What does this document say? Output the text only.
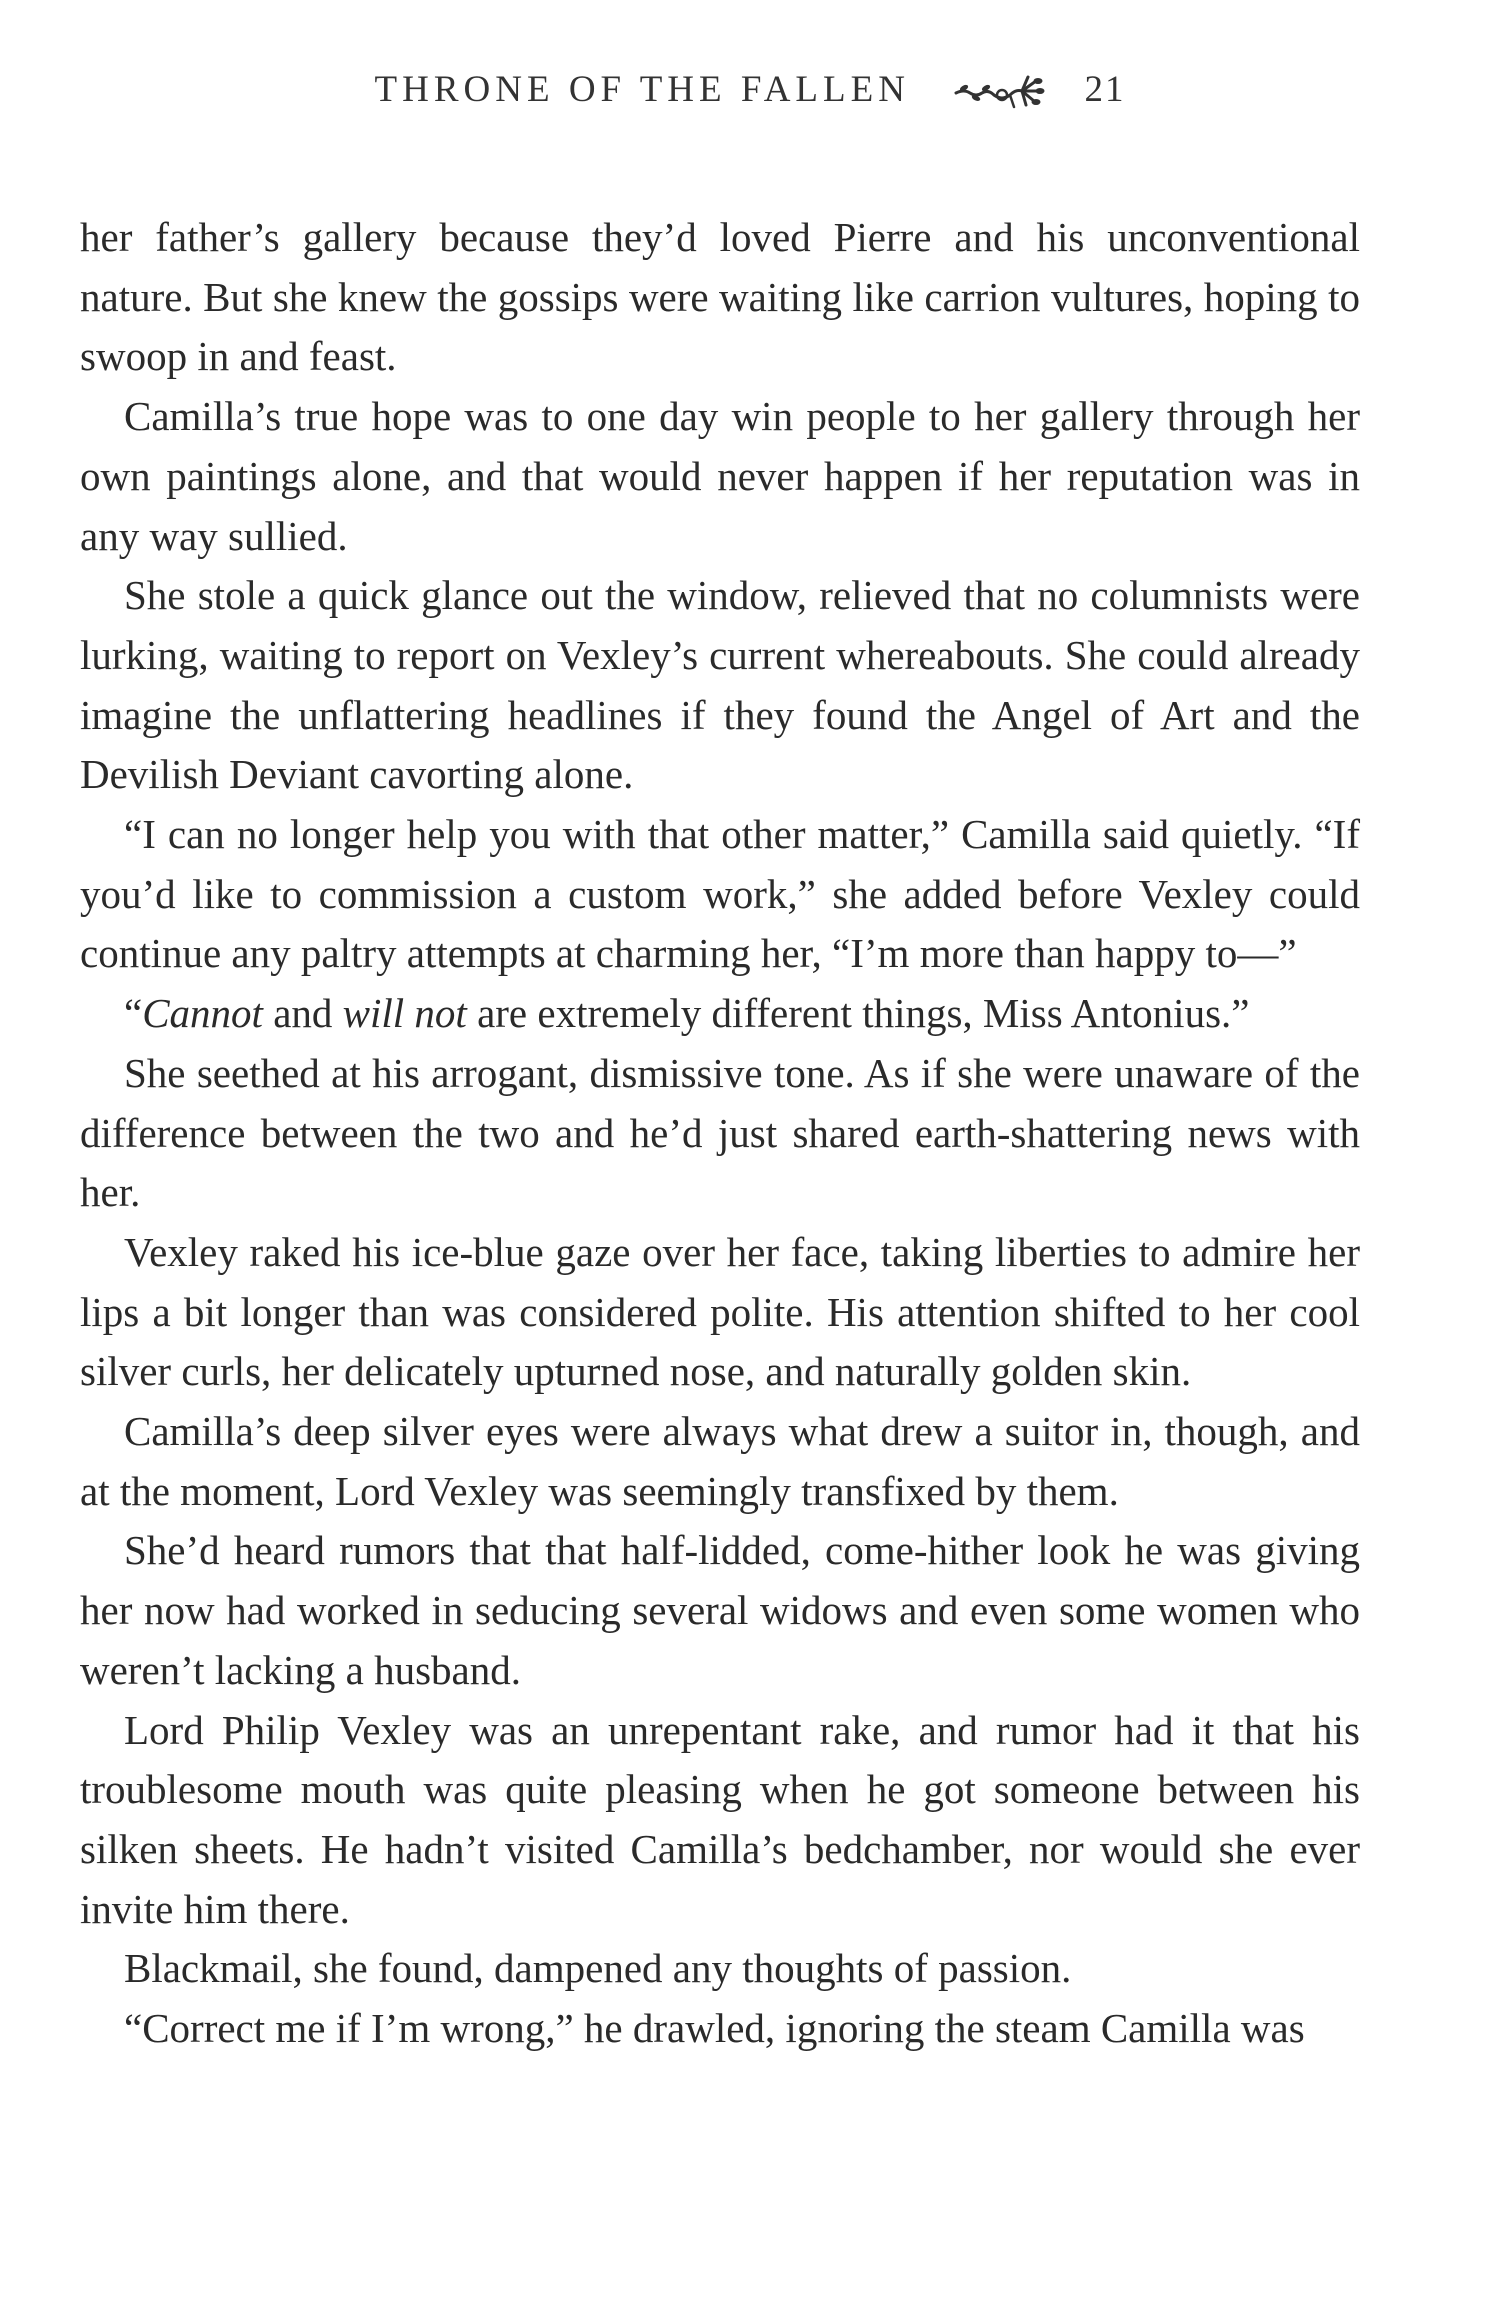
THRONE OF THE FALLEN	21

her father’s gallery because they’d loved Pierre and his unconventional nature. But she knew the gossips were waiting like carrion vultures, hoping to swoop in and feast.

Camilla’s true hope was to one day win people to her gallery through her own paintings alone, and that would never happen if her reputation was in any way sullied.

She stole a quick glance out the window, relieved that no columnists were lurking, waiting to report on Vexley’s current whereabouts. She could already imagine the unflattering headlines if they found the Angel of Art and the Devilish Deviant cavorting alone.

“I can no longer help you with that other matter,” Camilla said quietly. “If you’d like to commission a custom work,” she added before Vexley could continue any paltry attempts at charming her, “I’m more than happy to—”

“Cannot and will not are extremely different things, Miss Antonius.”

She seethed at his arrogant, dismissive tone. As if she were unaware of the difference between the two and he’d just shared earth-shattering news with her.

Vexley raked his ice-blue gaze over her face, taking liberties to admire her lips a bit longer than was considered polite. His attention shifted to her cool silver curls, her delicately upturned nose, and naturally golden skin.

Camilla’s deep silver eyes were always what drew a suitor in, though, and at the moment, Lord Vexley was seemingly transfixed by them.

She’d heard rumors that that half-lidded, come-hither look he was giving her now had worked in seducing several widows and even some women who weren’t lacking a husband.

Lord Philip Vexley was an unrepentant rake, and rumor had it that his troublesome mouth was quite pleasing when he got someone between his silken sheets. He hadn’t visited Camilla’s bedchamber, nor would she ever invite him there.

Blackmail, she found, dampened any thoughts of passion.

“Correct me if I’m wrong,” he drawled, ignoring the steam Camilla was
